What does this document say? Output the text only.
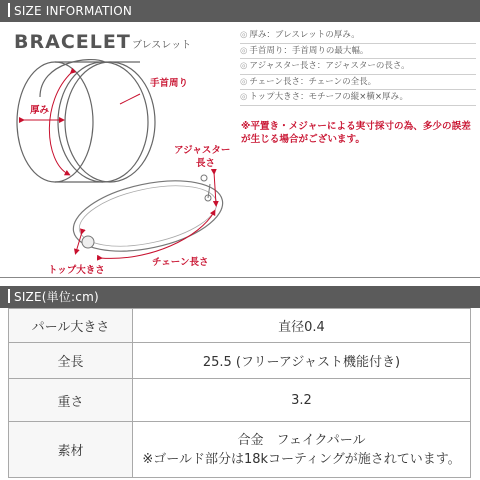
SIZE INFORMATION
BRACELET ブレスレット
厚み
手首周り
アジャスター
長さ
トップ大きさ
チェーン長さ
◎ 厚み：ブレスレットの厚み。
◎ 手首周り：手首周りの最大幅。
◎ アジャスター長さ：アジャスターの長さ。
◎ チェーン長さ：チェーンの全長。
◎ トップ大きさ：モチーフの縦×横×厚み。
※平置き・メジャーによる実寸採寸の為、多少の誤差が生じる場合がございます。
SIZE(単位:cm)
パール大きさ	直径0.4
全長	25.5 (フリーアジャスト機能付き)
重さ	3.2
素材	合金　フェイクパール
※ゴールド部分は18kコーティングが施されています。
